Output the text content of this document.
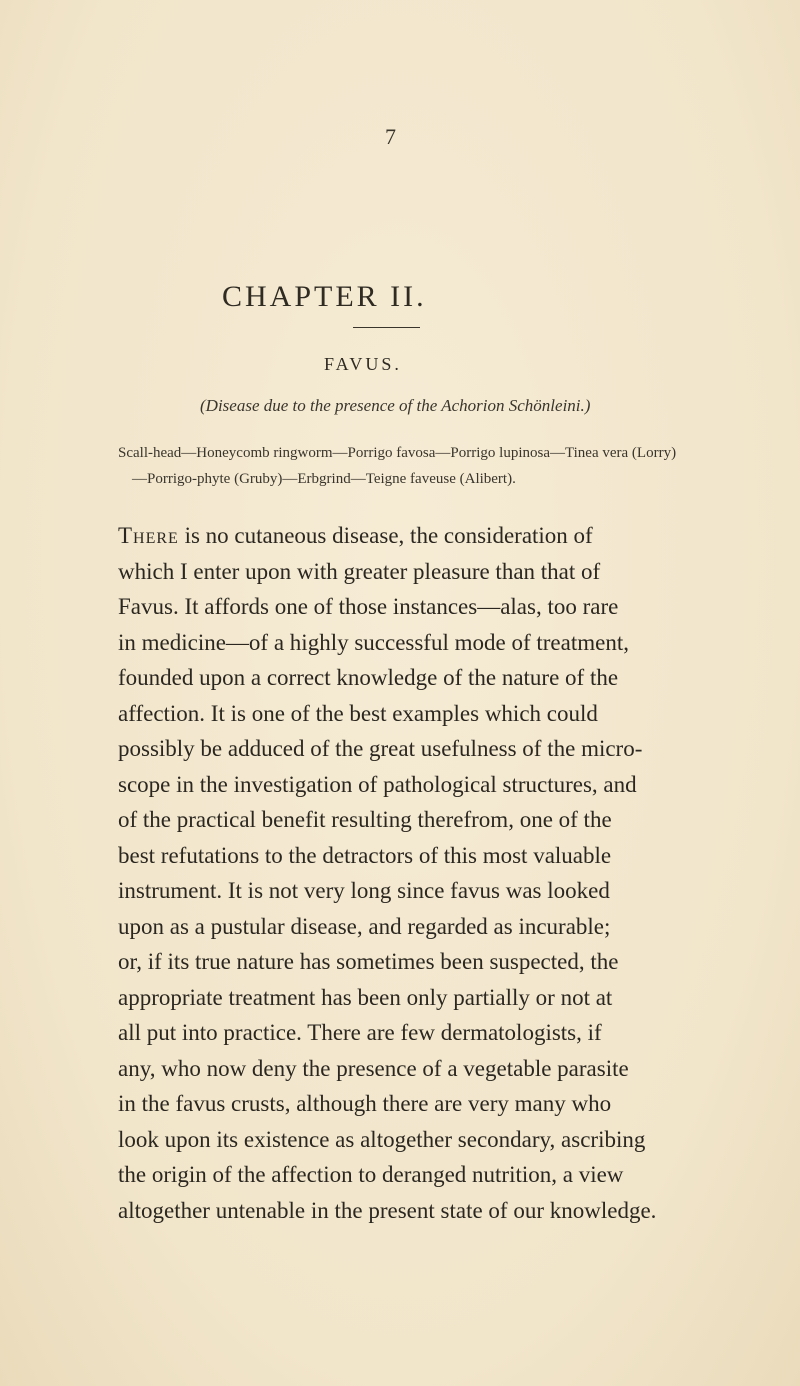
7
CHAPTER II.
FAVUS.
(Disease due to the presence of the Achorion Schönleini.)
Scall-head—Honeycomb ringworm—Porrigo favosa—Porrigo lupinosa—Tinea vera (Lorry)
—Porrigo-phyte (Gruby)—Erbgrind—Teigne faveuse (Alibert).
There is no cutaneous disease, the consideration of
which I enter upon with greater pleasure than that of
Favus. It affords one of those instances—alas, too rare
in medicine—of a highly successful mode of treatment,
founded upon a correct knowledge of the nature of the
affection. It is one of the best examples which could
possibly be adduced of the great usefulness of the micro-
scope in the investigation of pathological structures, and
of the practical benefit resulting therefrom, one of the
best refutations to the detractors of this most valuable
instrument. It is not very long since favus was looked
upon as a pustular disease, and regarded as incurable;
or, if its true nature has sometimes been suspected, the
appropriate treatment has been only partially or not at
all put into practice. There are few dermatologists, if
any, who now deny the presence of a vegetable parasite
in the favus crusts, although there are very many who
look upon its existence as altogether secondary, ascribing
the origin of the affection to deranged nutrition, a view
altogether untenable in the present state of our knowledge.
